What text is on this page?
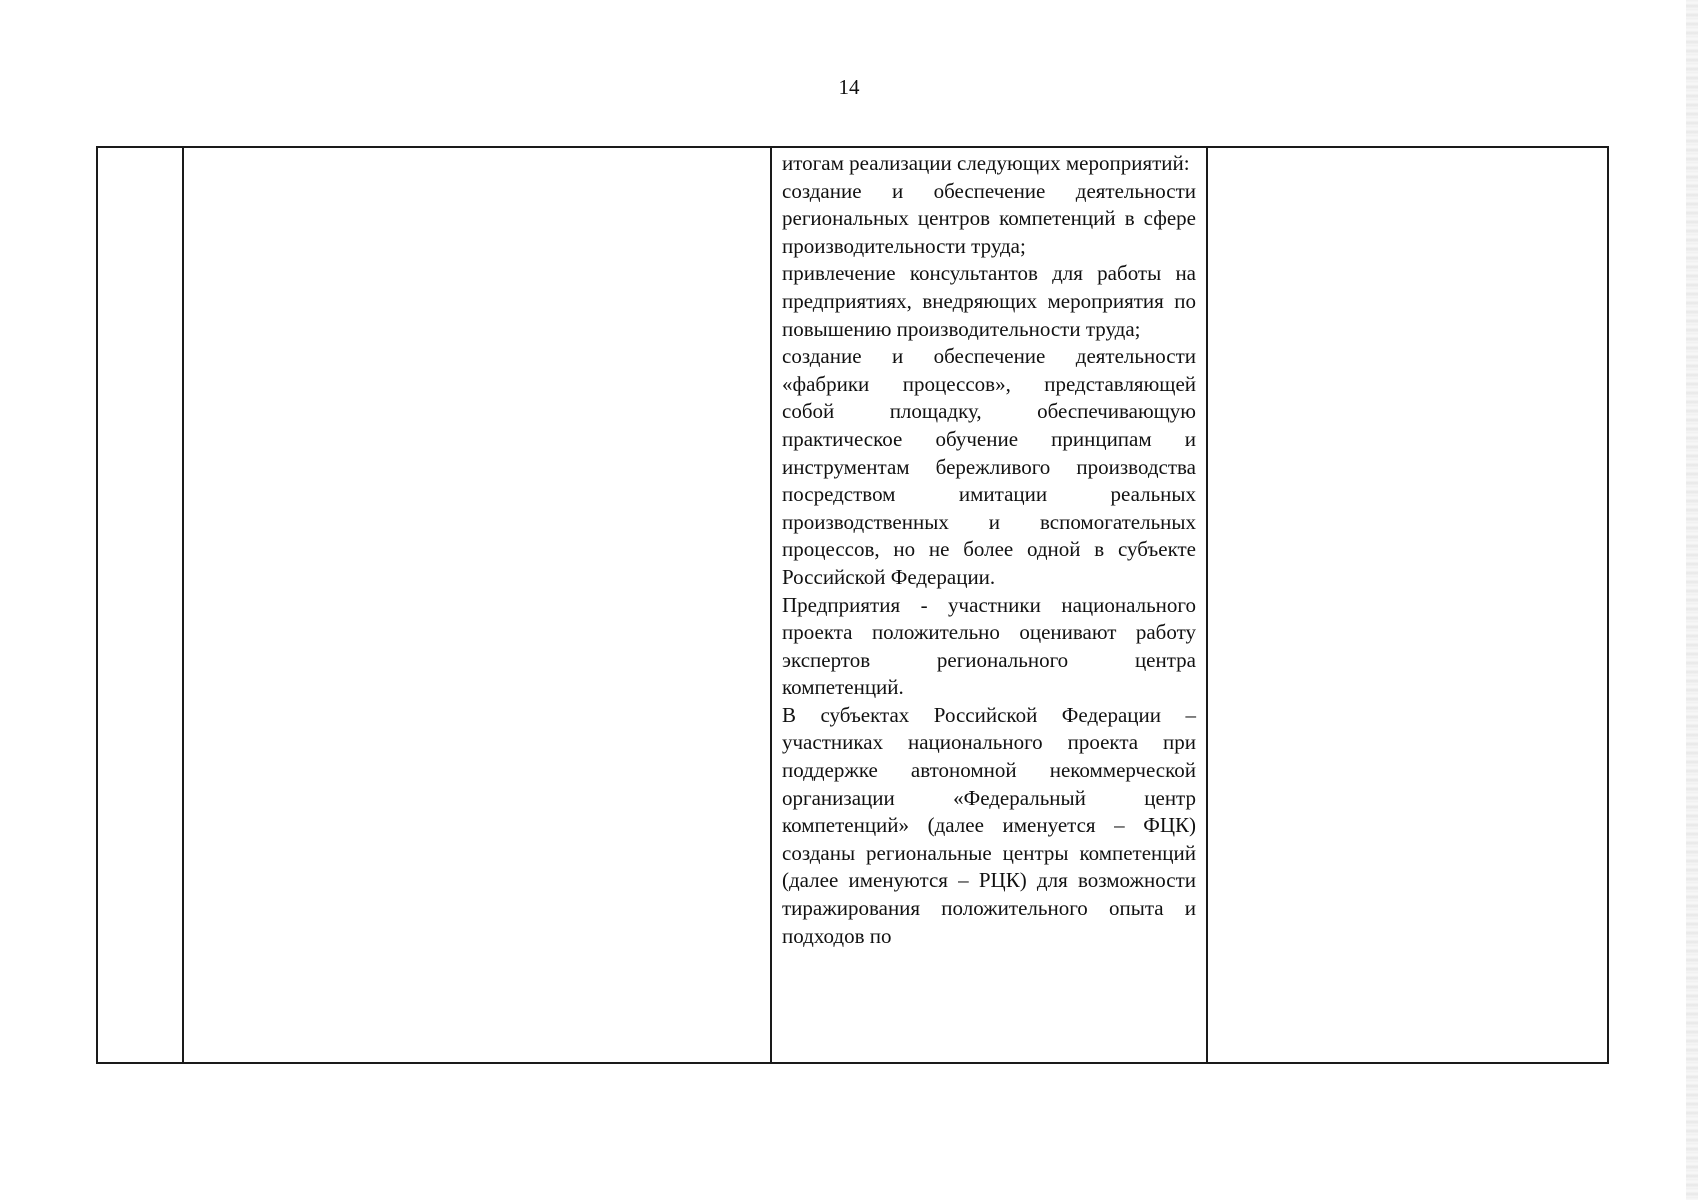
14

итогам реализации следующих мероприятий:

создание и обеспечение деятельности региональных центров компетенций в сфере производительности труда;

привлечение консультантов для работы на предприятиях, внедряющих мероприятия по повышению производительности труда;

создание и обеспечение деятельности «фабрики процессов», представляющей собой площадку, обеспечивающую практическое обучение принципам и инструментам бережливого производства посредством имитации реальных производственных и вспомогательных процессов, но не более одной в субъекте Российской Федерации.

Предприятия - участники национального проекта положительно оценивают работу экспертов регионального центра компетенций.

В субъектах Российской Федерации – участниках национального проекта при поддержке автономной некоммерческой организации «Федеральный центр компетенций» (далее именуется – ФЦК) созданы региональные центры компетенций (далее именуются – РЦК) для возможности тиражирования положительного опыта и подходов по
